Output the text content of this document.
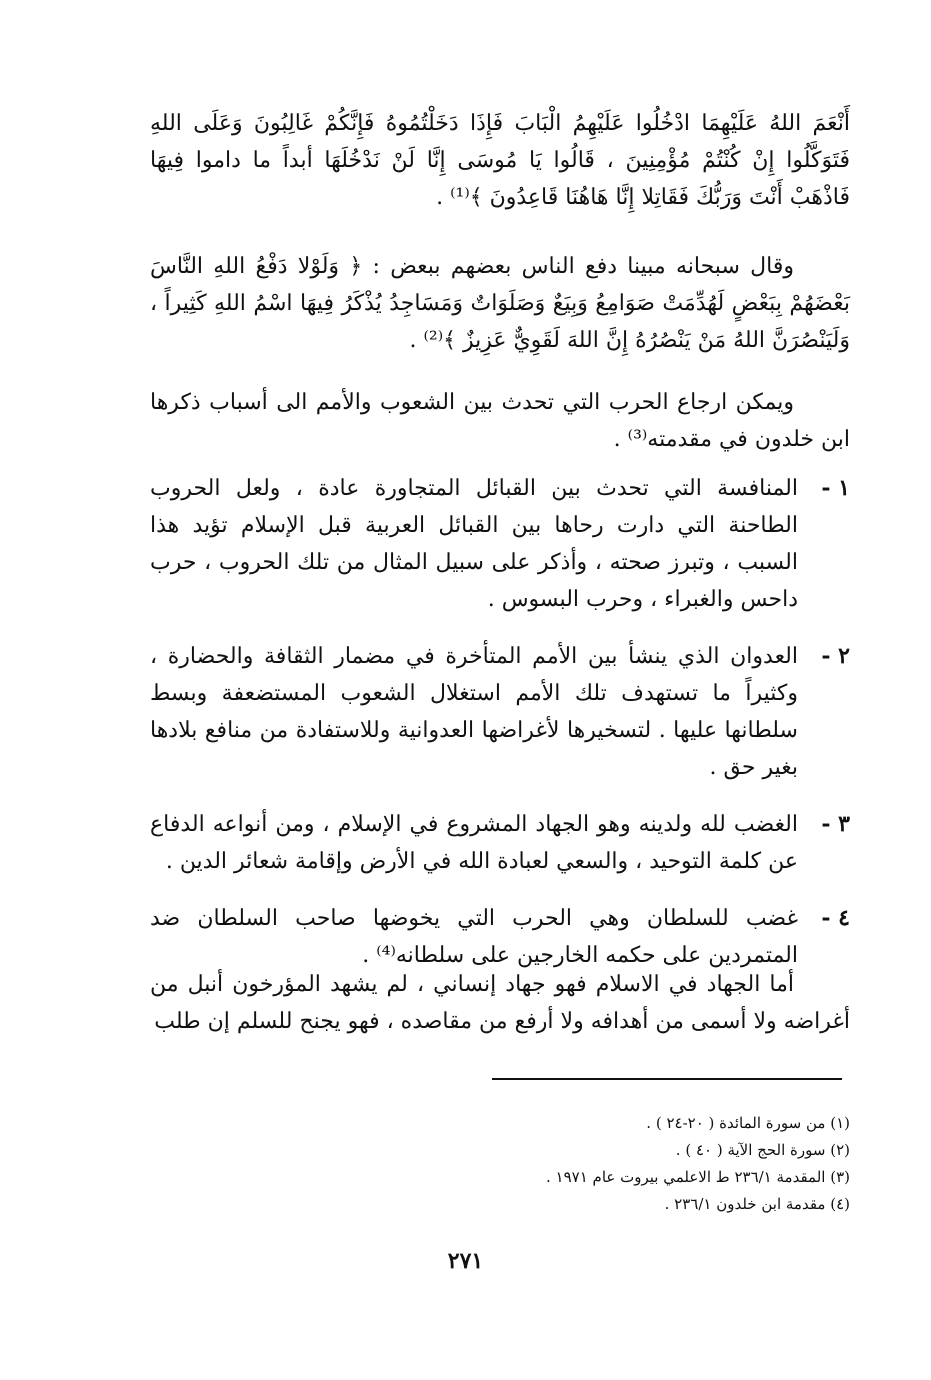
أَنْعَمَ اللهُ عَلَيْهِمَا ادْخُلُوا عَلَيْهِمُ الْبَابَ فَإِذَا دَخَلْتُمُوهُ فَإِنَّكُمْ غَالِبُونَ وَعَلَى اللهِ فَتَوَكَّلُوا إِنْ كُنْتُمْ مُؤْمِنِينَ ، قَالُوا يَا مُوسَى إِنَّا لَنْ نَدْخُلَهَا أبداً ما داموا فِيهَا فَاذْهَبْ أَنْتَ وَرَبُّكَ فَقَاتِلا إِنَّا هَاهُنَا قَاعِدُونَ ﴾⁽¹⁾ .

وقال سبحانه مبينا دفع الناس بعضهم ببعض : ﴿ وَلَوْلا دَفْعُ اللهِ النَّاسَ بَعْضَهُمْ بِبَعْضٍ لَهُدِّمَتْ صَوَامِعُ وَبِيَعٌ وَصَلَوَاتٌ وَمَسَاجِدُ يُذْكَرُ فِيهَا اسْمُ اللهِ كَثِيراً ، وَلَيَنْصُرَنَّ اللهُ مَنْ يَنْصُرُهُ إِنَّ اللهَ لَقَوِيٌّ عَزِيزٌ ﴾⁽²⁾ .

ويمكن ارجاع الحرب التي تحدث بين الشعوب والأمم الى أسباب ذكرها ابن خلدون في مقدمته⁽³⁾ .

١ -
المنافسة التي تحدث بين القبائل المتجاورة عادة ، ولعل الحروب الطاحنة التي دارت رحاها بين القبائل العربية قبل الإسلام تؤيد هذا السبب ، وتبرز صحته ، وأذكر على سبيل المثال من تلك الحروب ، حرب داحس والغبراء ، وحرب البسوس .
٢ -
العدوان الذي ينشأ بين الأمم المتأخرة في مضمار الثقافة والحضارة ، وكثيراً ما تستهدف تلك الأمم استغلال الشعوب المستضعفة وبسط سلطانها عليها . لتسخيرها لأغراضها العدوانية وللاستفادة من منافع بلادها بغير حق .
٣ -
الغضب لله ولدينه وهو الجهاد المشروع في الإسلام ، ومن أنواعه الدفاع عن كلمة التوحيد ، والسعي لعبادة الله في الأرض وإقامة شعائر الدين .
٤ -
غضب للسلطان وهي الحرب التي يخوضها صاحب السلطان ضد المتمردين على حكمه الخارجين على سلطانه⁽⁴⁾ .

أما الجهاد في الاسلام فهو جهاد إنساني ، لم يشهد المؤرخون أنبل من أغراضه ولا أسمى من أهدافه ولا أرفع من مقاصده ، فهو يجنح للسلم إن طلب

(١) من سورة المائدة ( ٢٠-٢٤ ) .
(٢) سورة الحج الآية ( ٤٠ ) .
(٣) المقدمة ٢٣٦/١ ط الاعلمي بيروت عام ١٩٧١ .
(٤) مقدمة ابن خلدون ٢٣٦/١ .
٢٧١
